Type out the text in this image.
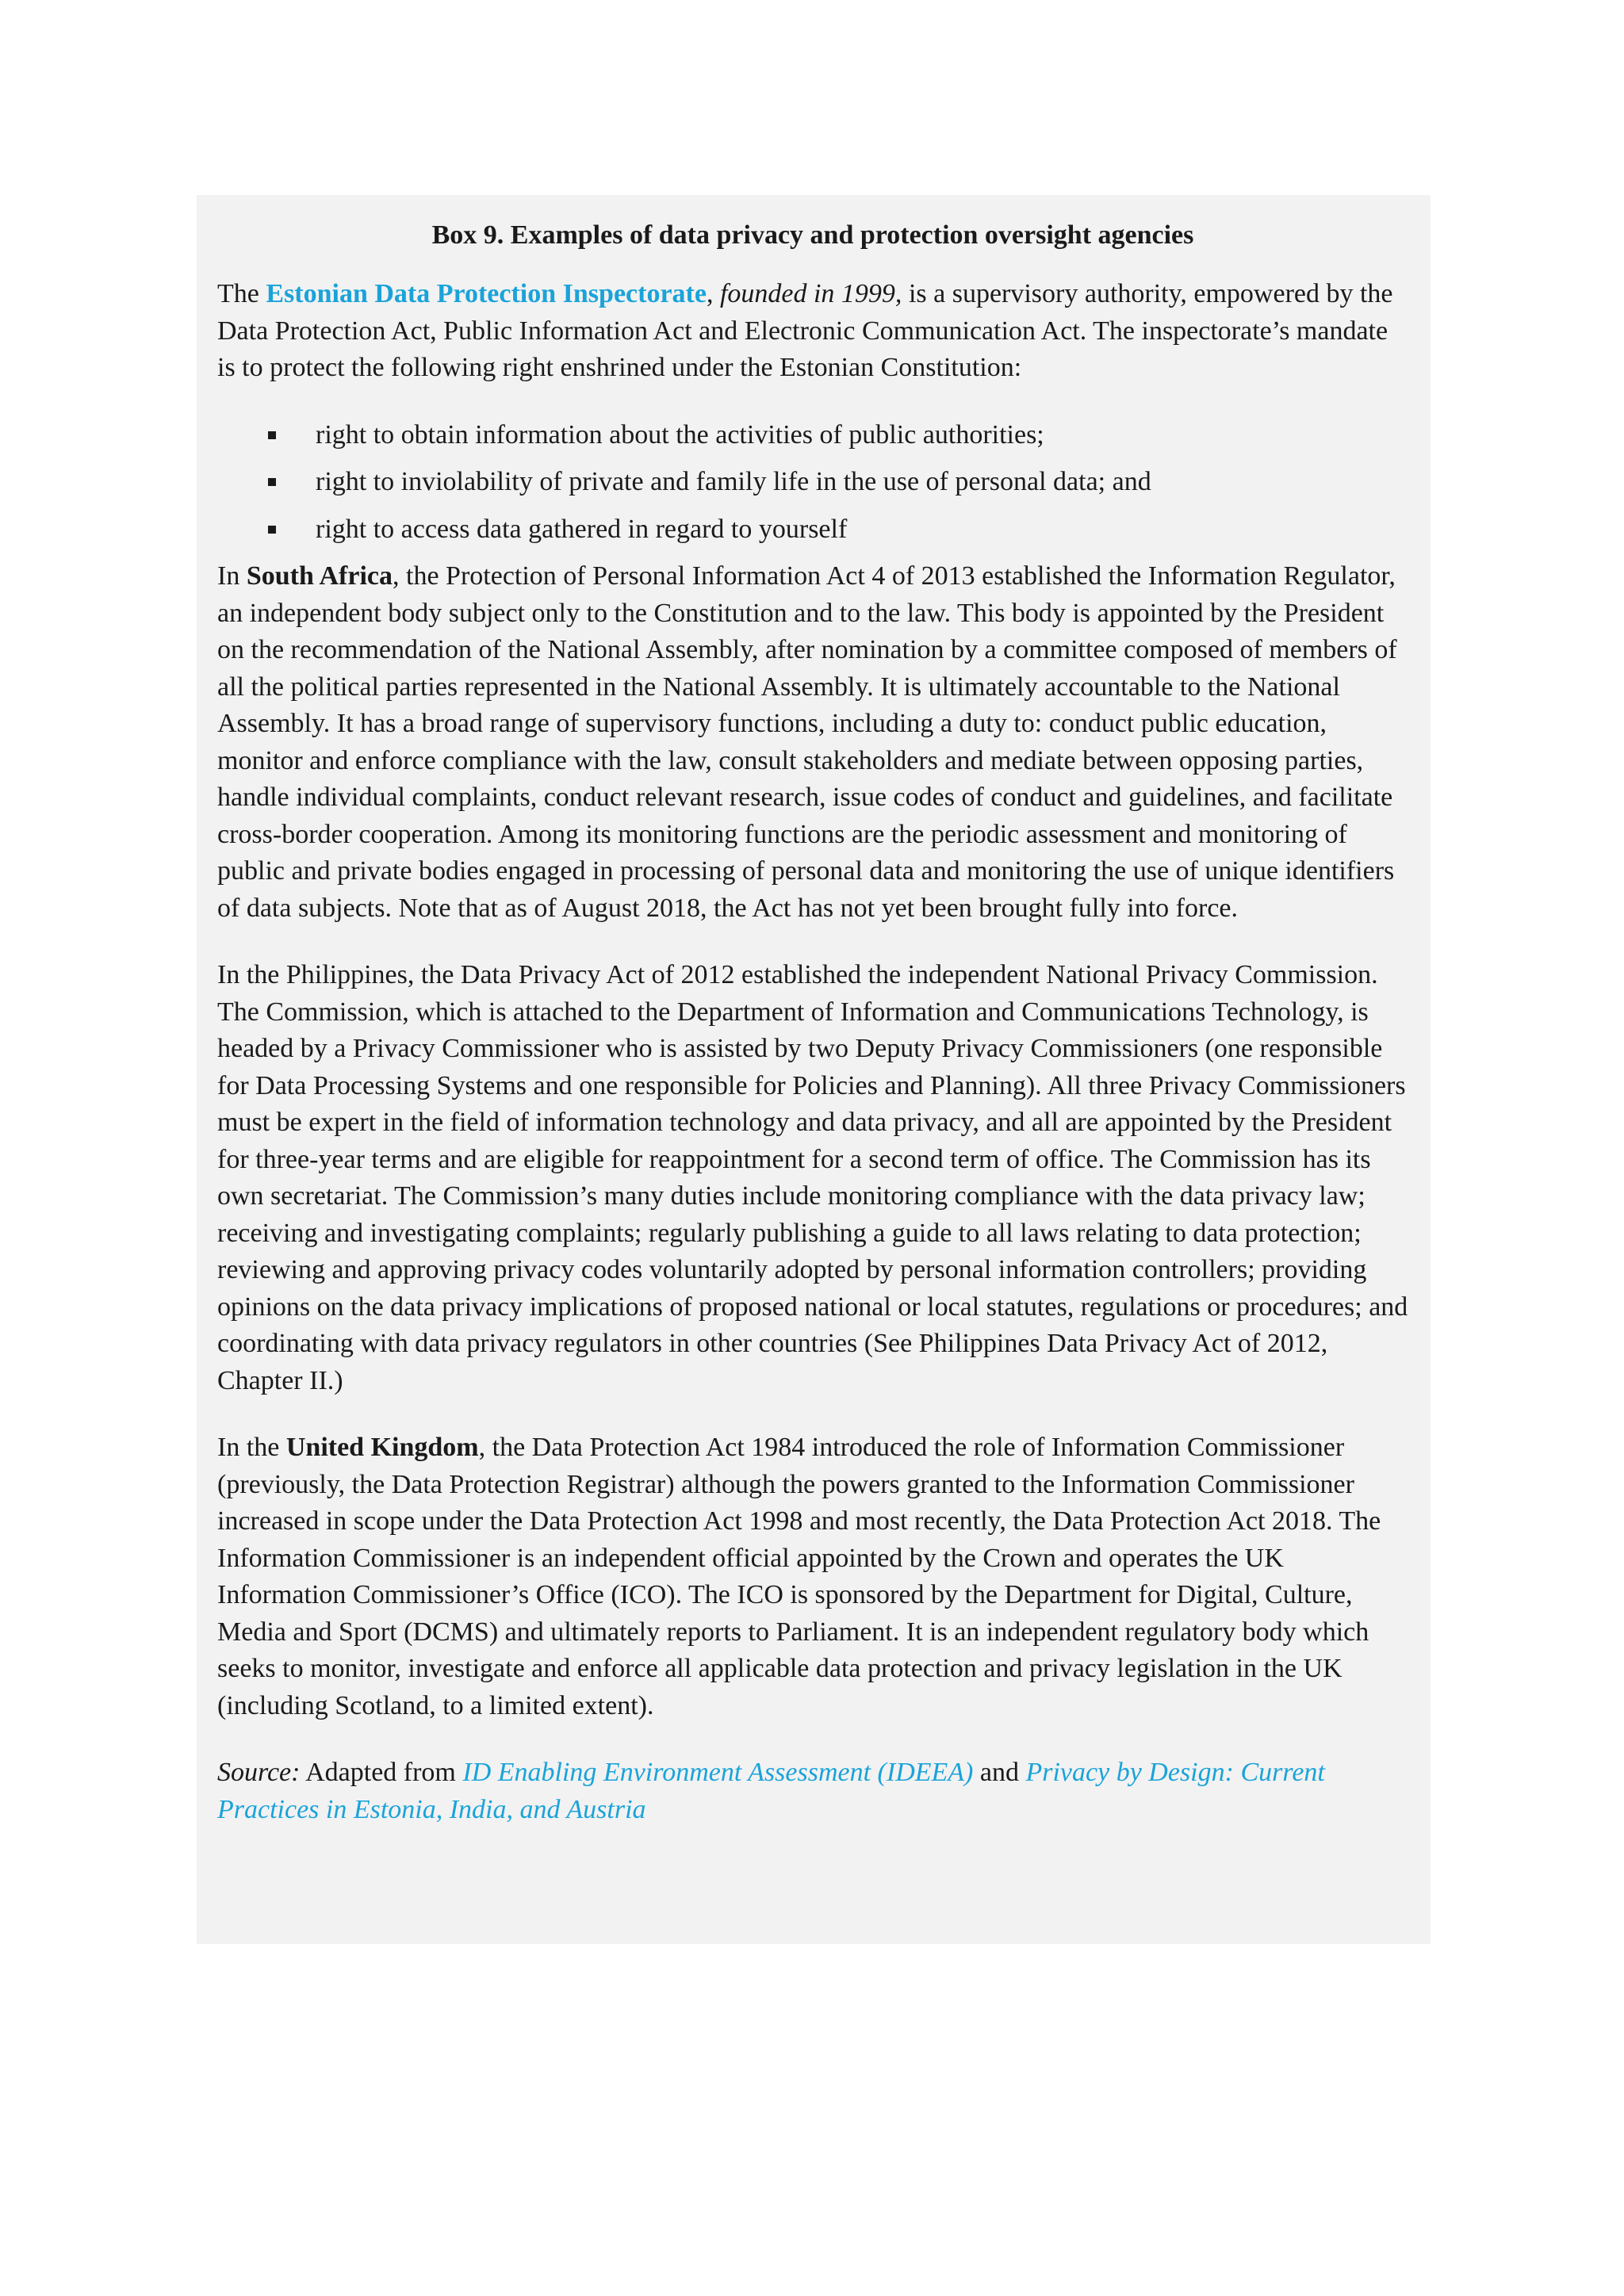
Box 9. Examples of data privacy and protection oversight agencies

The Estonian Data Protection Inspectorate, founded in 1999, is a supervisory authority, empowered by the Data Protection Act, Public Information Act and Electronic Communication Act. The inspectorate’s mandate is to protect the following right enshrined under the Estonian Constitution:

right to obtain information about the activities of public authorities;
right to inviolability of private and family life in the use of personal data; and
right to access data gathered in regard to yourself

In South Africa, the Protection of Personal Information Act 4 of 2013 established the Information Regulator, an independent body subject only to the Constitution and to the law. This body is appointed by the President on the recommendation of the National Assembly, after nomination by a committee composed of members of all the political parties represented in the National Assembly. It is ultimately accountable to the National Assembly. It has a broad range of supervisory functions, including a duty to: conduct public education, monitor and enforce compliance with the law, consult stakeholders and mediate between opposing parties, handle individual complaints, conduct relevant research, issue codes of conduct and guidelines, and facilitate cross-border cooperation. Among its monitoring functions are the periodic assessment and monitoring of public and private bodies engaged in processing of personal data and monitoring the use of unique identifiers of data subjects. Note that as of August 2018, the Act has not yet been brought fully into force.

In the Philippines, the Data Privacy Act of 2012 established the independent National Privacy Commission. The Commission, which is attached to the Department of Information and Communications Technology, is headed by a Privacy Commissioner who is assisted by two Deputy Privacy Commissioners (one responsible for Data Processing Systems and one responsible for Policies and Planning). All three Privacy Commissioners must be expert in the field of information technology and data privacy, and all are appointed by the President for three-year terms and are eligible for reappointment for a second term of office. The Commission has its own secretariat. The Commission’s many duties include monitoring compliance with the data privacy law; receiving and investigating complaints; regularly publishing a guide to all laws relating to data protection; reviewing and approving privacy codes voluntarily adopted by personal information controllers; providing opinions on the data privacy implications of proposed national or local statutes, regulations or procedures; and coordinating with data privacy regulators in other countries (See Philippines Data Privacy Act of 2012, Chapter II.)

In the United Kingdom, the Data Protection Act 1984 introduced the role of Information Commissioner (previously, the Data Protection Registrar) although the powers granted to the Information Commissioner increased in scope under the Data Protection Act 1998 and most recently, the Data Protection Act 2018. The Information Commissioner is an independent official appointed by the Crown and operates the UK Information Commissioner’s Office (ICO). The ICO is sponsored by the Department for Digital, Culture, Media and Sport (DCMS) and ultimately reports to Parliament. It is an independent regulatory body which seeks to monitor, investigate and enforce all applicable data protection and privacy legislation in the UK (including Scotland, to a limited extent).

Source: Adapted from ID Enabling Environment Assessment (IDEEA) and Privacy by Design: Current Practices in Estonia, India, and Austria
